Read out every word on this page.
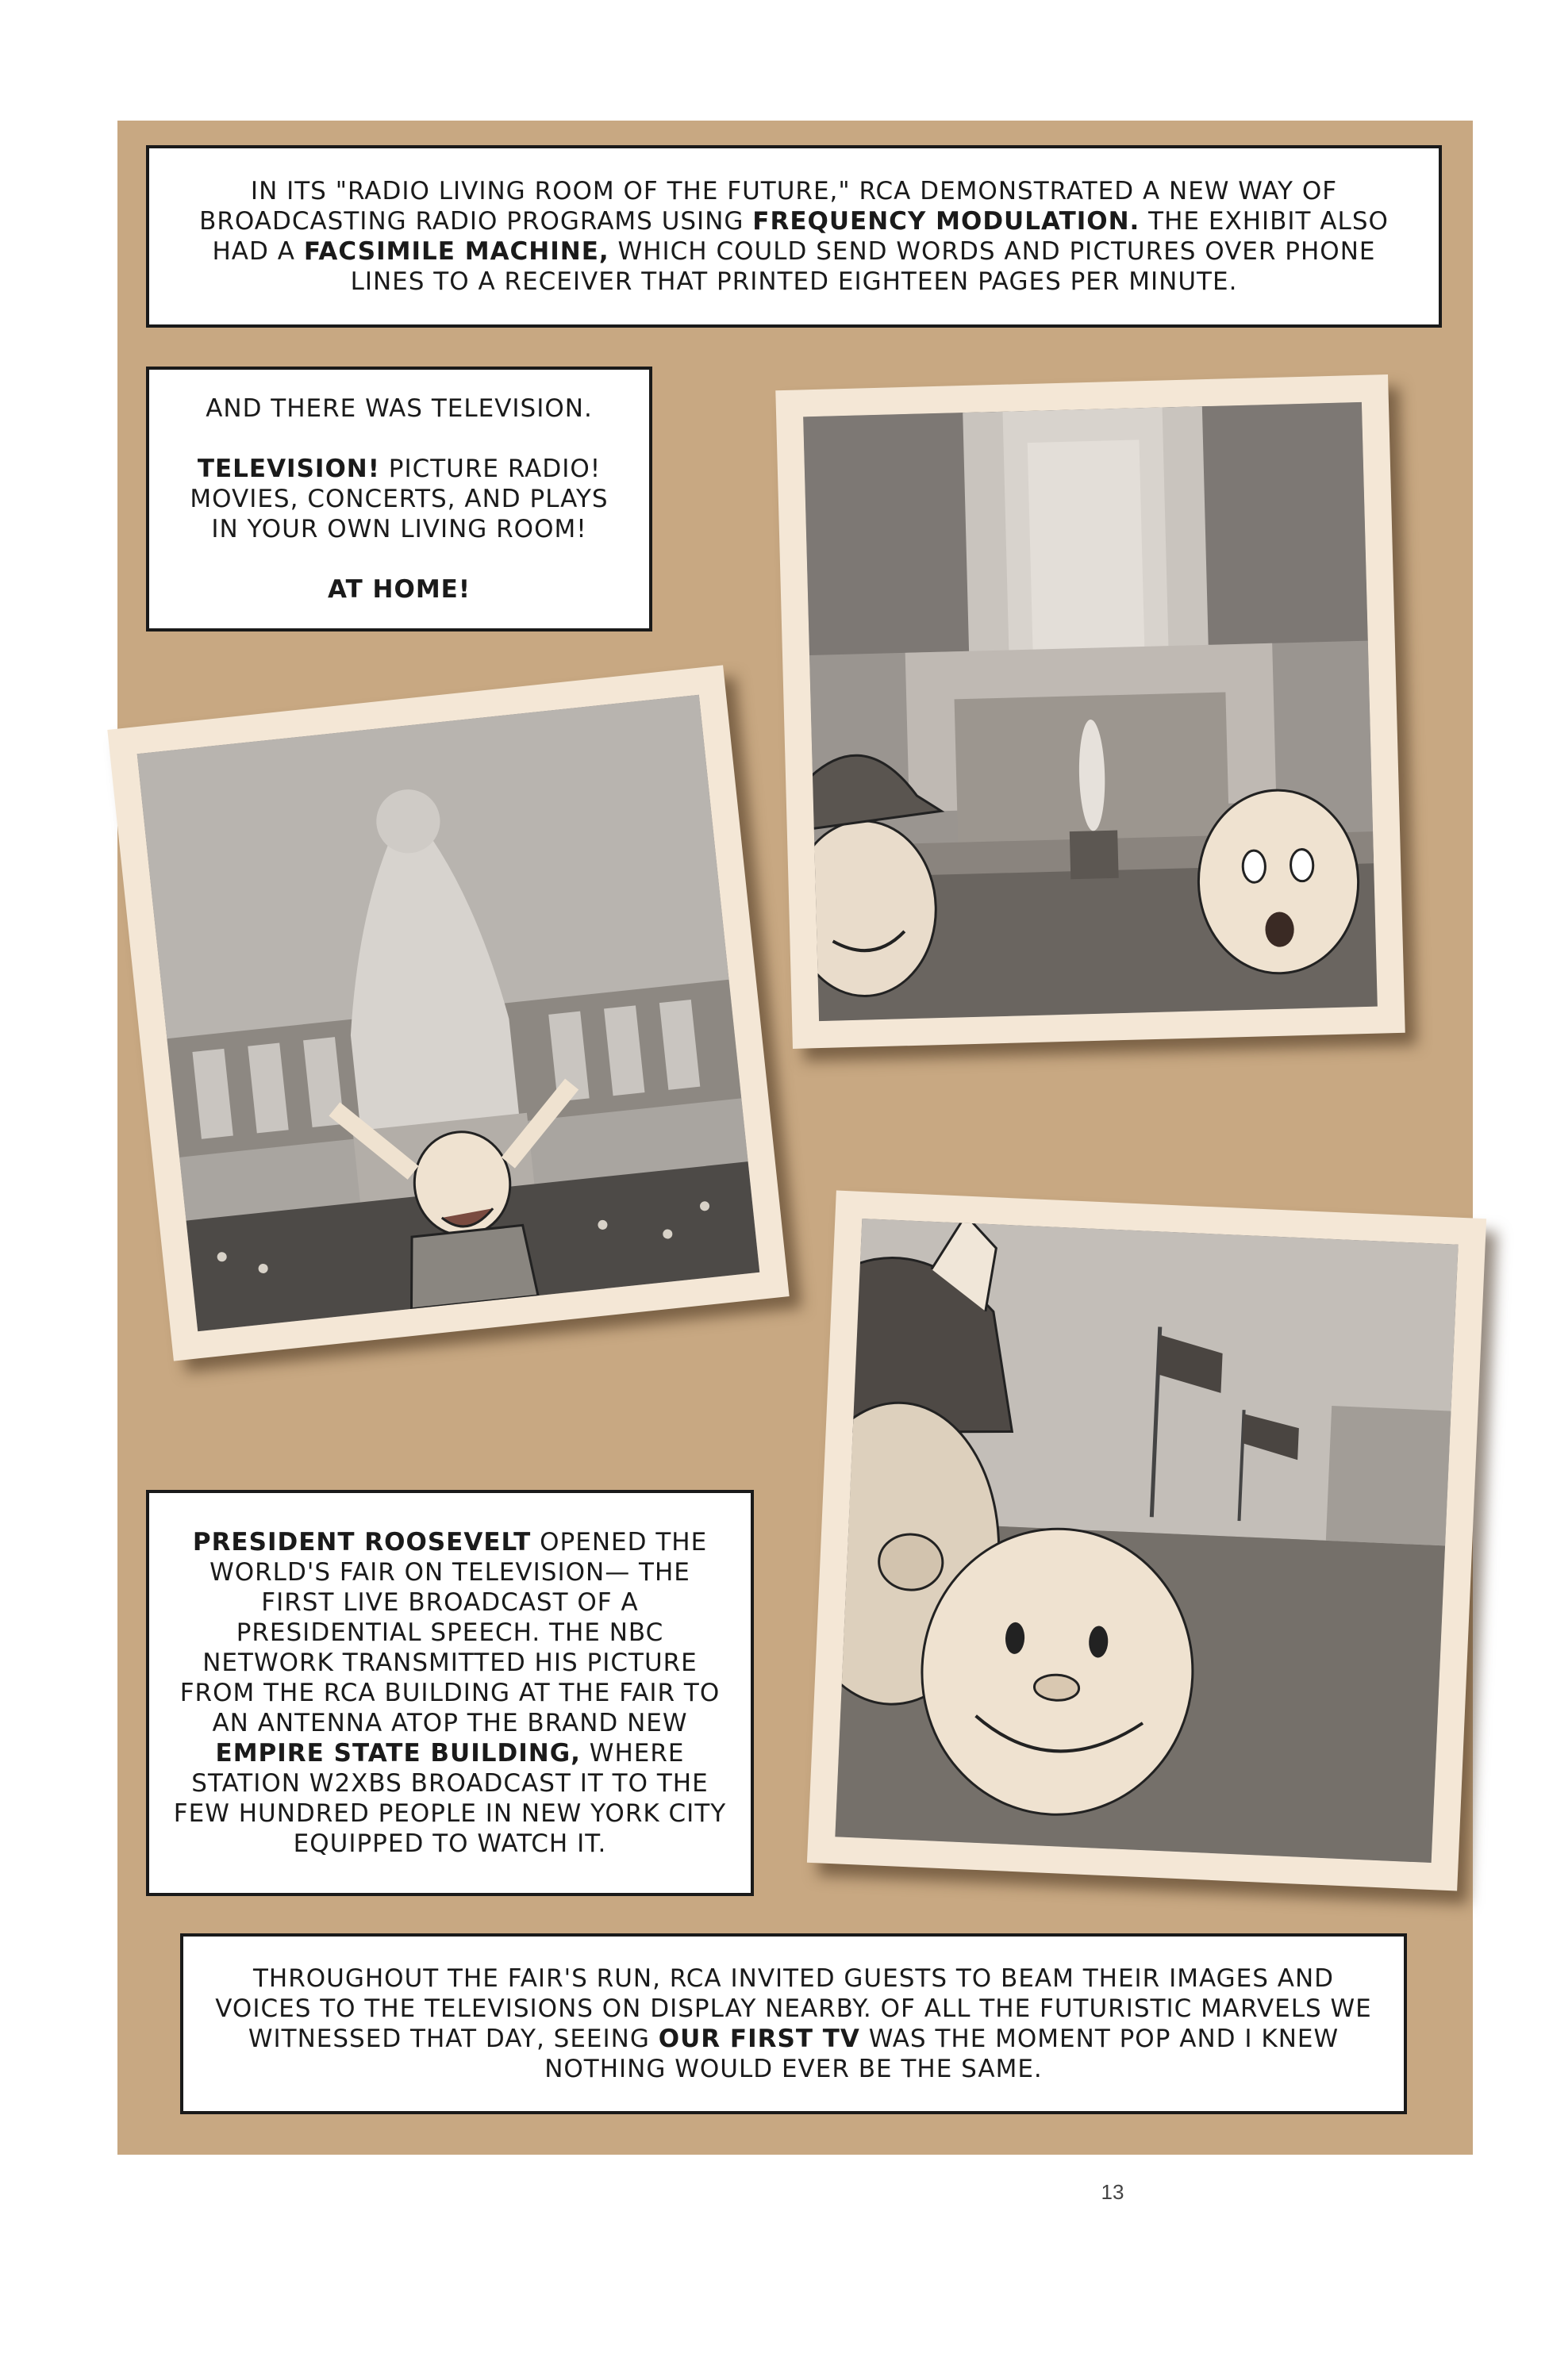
IN ITS "RADIO LIVING ROOM OF THE FUTURE," RCA DEMONSTRATED A NEW WAY OF BROADCASTING RADIO PROGRAMS USING FREQUENCY MODULATION. THE EXHIBIT ALSO HAD A FACSIMILE MACHINE, WHICH COULD SEND WORDS AND PICTURES OVER PHONE LINES TO A RECEIVER THAT PRINTED EIGHTEEN PAGES PER MINUTE.

AND THERE WAS TELEVISION.

TELEVISION! PICTURE RADIO! MOVIES, CONCERTS, AND PLAYS IN YOUR OWN LIVING ROOM!

AT HOME!

PRESIDENT ROOSEVELT OPENED THE WORLD'S FAIR ON TELEVISION— THE FIRST LIVE BROADCAST OF A PRESIDENTIAL SPEECH. THE NBC NETWORK TRANSMITTED HIS PICTURE FROM THE RCA BUILDING AT THE FAIR TO AN ANTENNA ATOP THE BRAND NEW EMPIRE STATE BUILDING, WHERE STATION W2XBS BROADCAST IT TO THE FEW HUNDRED PEOPLE IN NEW YORK CITY EQUIPPED TO WATCH IT.

THROUGHOUT THE FAIR'S RUN, RCA INVITED GUESTS TO BEAM THEIR IMAGES AND VOICES TO THE TELEVISIONS ON DISPLAY NEARBY. OF ALL THE FUTURISTIC MARVELS WE WITNESSED THAT DAY, SEEING OUR FIRST TV WAS THE MOMENT POP AND I KNEW NOTHING WOULD EVER BE THE SAME.

13
